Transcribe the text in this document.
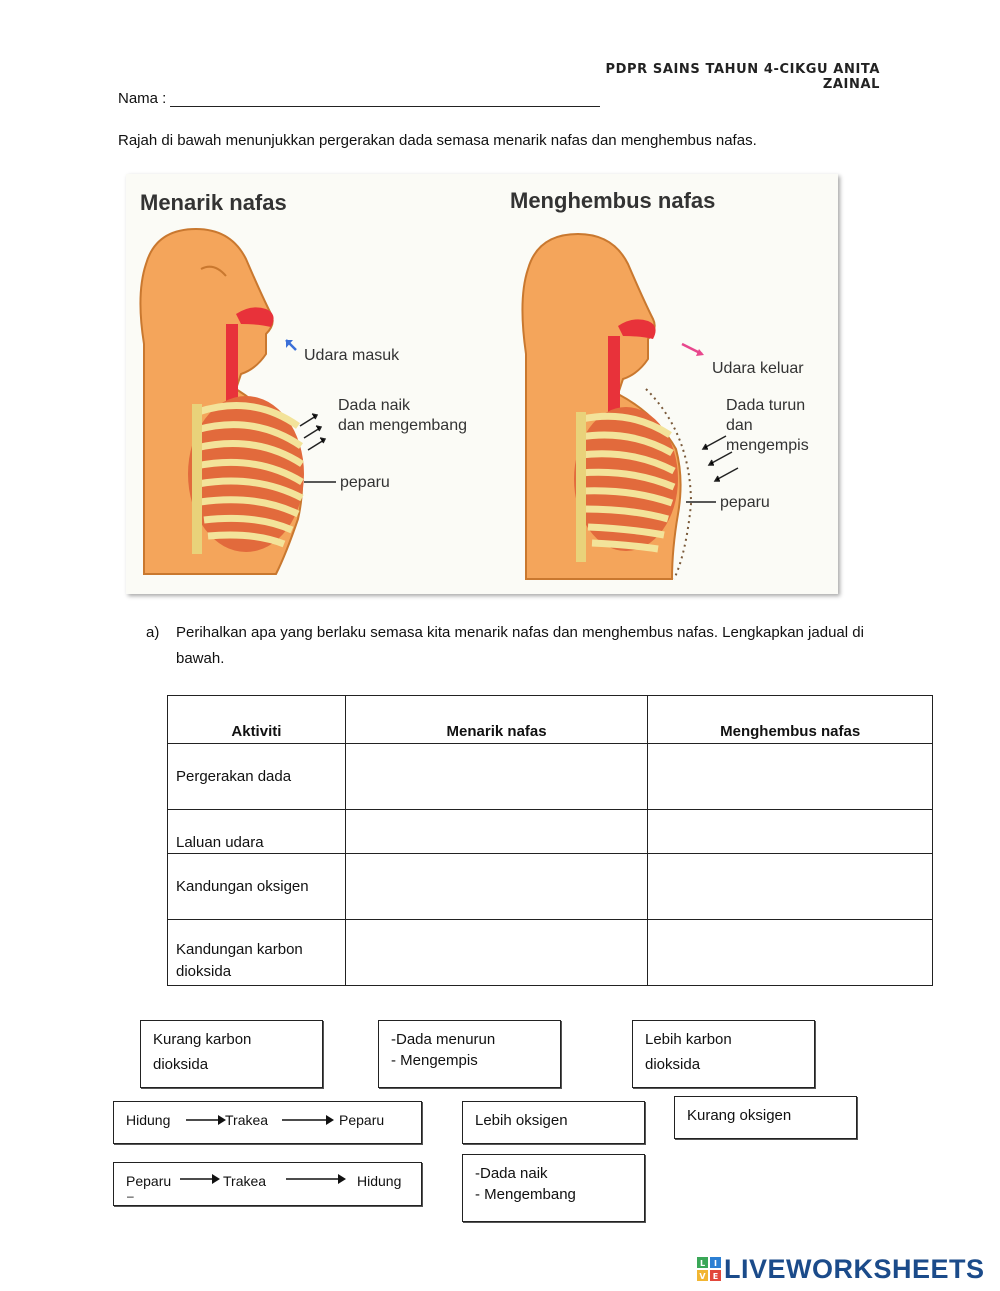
PDPR SAINS TAHUN 4-CIKGU ANITA ZAINAL
Nama :
Rajah di bawah menunjukkan pergerakan dada semasa menarik nafas dan menghembus nafas.
Menarik nafas	Menghembus nafas
Udara masuk
Dada naik
dan mengembang
peparu
Udara keluar
Dada turun
dan
mengempis
peparu
a) Perihalkan apa yang berlaku semasa kita menarik nafas dan menghembus nafas. Lengkapkan jadual di bawah.
Aktiviti	Menarik nafas	Menghembus nafas
Pergerakan dada		
Laluan udara		
Kandungan oksigen		
Kandungan karbon dioksida		
Kurang karbon
dioksida
-Dada menurun
- Mengempis
Lebih karbon
dioksida
Hidung	Trakea	Peparu	Lebih oksigen	Kurang oksigen
Peparu	Trakea	Hidung
–
-Dada naik
- Mengembang
L I
V E LIVEWORKSHEETS
